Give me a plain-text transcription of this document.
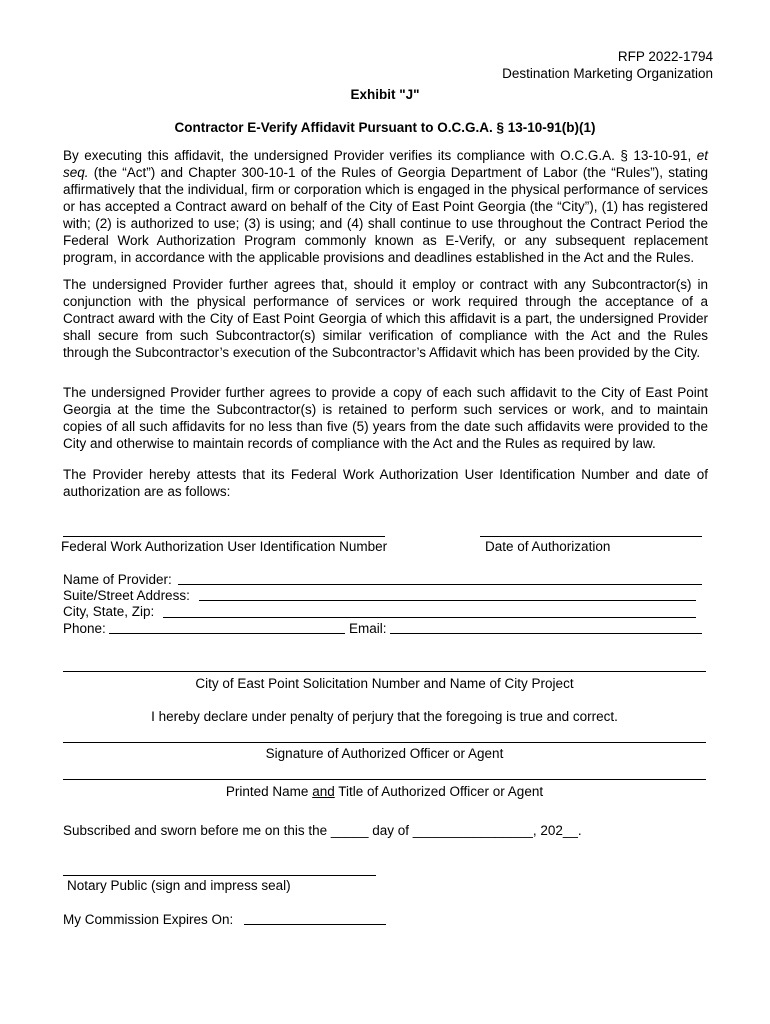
RFP 2022-1794
Destination Marketing Organization
Exhibit "J"
Contractor E-Verify Affidavit Pursuant to O.C.G.A. § 13-10-91(b)(1)

By executing this affidavit, the undersigned Provider verifies its compliance with O.C.G.A. § 13-10-91, et seq. (the “Act”) and Chapter 300-10-1 of the Rules of Georgia Department of Labor (the “Rules”), stating affirmatively that the individual, firm or corporation which is engaged in the physical performance of services or has accepted a Contract award on behalf of the City of East Point Georgia (the “City”), (1) has registered with; (2) is authorized to use; (3) is using; and (4) shall continue to use throughout the Contract Period the Federal Work Authorization Program commonly known as E-Verify, or any subsequent replacement program, in accordance with the applicable provisions and deadlines established in the Act and the Rules.

The undersigned Provider further agrees that, should it employ or contract with any Subcontractor(s) in conjunction with the physical performance of services or work required through the acceptance of a Contract award with the City of East Point Georgia of which this affidavit is a part, the undersigned Provider shall secure from such Subcontractor(s) similar verification of compliance with the Act and the Rules through the Subcontractor’s execution of the Subcontractor’s Affidavit which has been provided by the City.

The undersigned Provider further agrees to provide a copy of each such affidavit to the City of East Point Georgia at the time the Subcontractor(s) is retained to perform such services or work, and to maintain copies of all such affidavits for no less than five (5) years from the date such affidavits were provided to the City and otherwise to maintain records of compliance with the Act and the Rules as required by law.

The Provider hereby attests that its Federal Work Authorization User Identification Number and date of authorization are as follows:

Federal Work Authorization User Identification Number	Date of Authorization
Name of Provider:
Suite/Street Address:
City, State, Zip:
Phone:	Email:
City of East Point Solicitation Number and Name of City Project
I hereby declare under penalty of perjury that the foregoing is true and correct.
Signature of Authorized Officer or Agent
Printed Name and Title of Authorized Officer or Agent
Subscribed and sworn before me on this the _____ day of ________________, 202__.
Notary Public (sign and impress seal)
My Commission Expires On:
